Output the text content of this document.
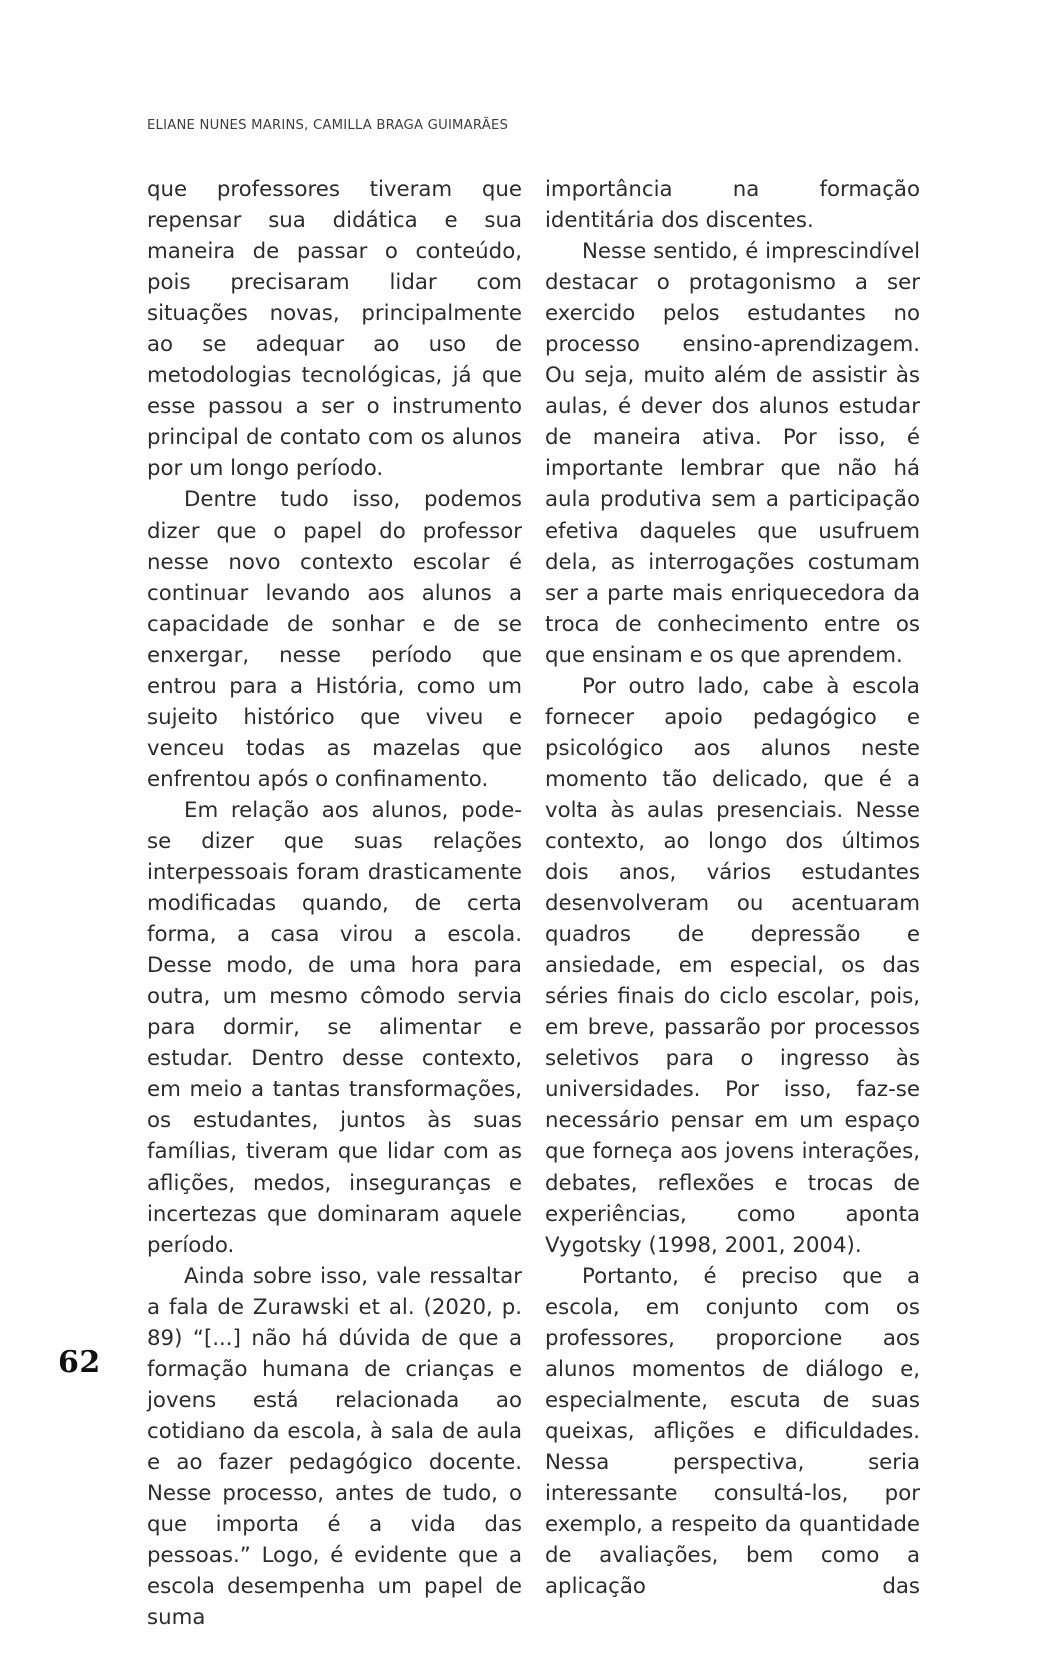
ELIANE NUNES MARINS, CAMILLA BRAGA GUIMARÃES

que professores tiveram que repensar sua didática e sua maneira de passar o conteúdo, pois precisaram lidar com situações novas, principalmente ao se adequar ao uso de metodologias tecnológicas, já que esse passou a ser o instrumento principal de contato com os alunos por um longo período.

Dentre tudo isso, podemos dizer que o papel do professor nesse novo contexto escolar é continuar levando aos alunos a capacidade de sonhar e de se enxergar, nesse período que entrou para a História, como um sujeito histórico que viveu e venceu todas as mazelas que enfrentou após o confinamento.

Em relação aos alunos, pode-se dizer que suas relações interpessoais foram drasticamente modificadas quando, de certa forma, a casa virou a escola. Desse modo, de uma hora para outra, um mesmo cômodo servia para dormir, se alimentar e estudar. Dentro desse contexto, em meio a tantas transformações, os estudantes, juntos às suas famílias, tiveram que lidar com as aflições, medos, inseguranças e incertezas que dominaram aquele período.

Ainda sobre isso, vale ressaltar a fala de Zurawski et al. (2020, p. 89) “[...] não há dúvida de que a formação humana de crianças e jovens está relacionada ao cotidiano da escola, à sala de aula e ao fazer pedagógico docente. Nesse processo, antes de tudo, o que importa é a vida das pessoas.” Logo, é evidente que a escola desempenha um papel de suma

importância na formação identitária dos discentes.

Nesse sentido, é imprescindível destacar o protagonismo a ser exercido pelos estudantes no processo ensino-aprendizagem. Ou seja, muito além de assistir às aulas, é dever dos alunos estudar de maneira ativa. Por isso, é importante lembrar que não há aula produtiva sem a participação efetiva daqueles que usufruem dela, as interrogações costumam ser a parte mais enriquecedora da troca de conhecimento entre os que ensinam e os que aprendem.

Por outro lado, cabe à escola fornecer apoio pedagógico e psicológico aos alunos neste momento tão delicado, que é a volta às aulas presenciais. Nesse contexto, ao longo dos últimos dois anos, vários estudantes desenvolveram ou acentuaram quadros de depressão e ansiedade, em especial, os das séries finais do ciclo escolar, pois, em breve, passarão por processos seletivos para o ingresso às universidades. Por isso, faz-se necessário pensar em um espaço que forneça aos jovens interações, debates, reflexões e trocas de experiências, como aponta Vygotsky (1998, 2001, 2004).

Portanto, é preciso que a escola, em conjunto com os professores, proporcione aos alunos momentos de diálogo e, especialmente, escuta de suas queixas, aflições e dificuldades. Nessa perspectiva, seria interessante consultá-los, por exemplo, a respeito da quantidade de avaliações, bem como a aplicação das

62
